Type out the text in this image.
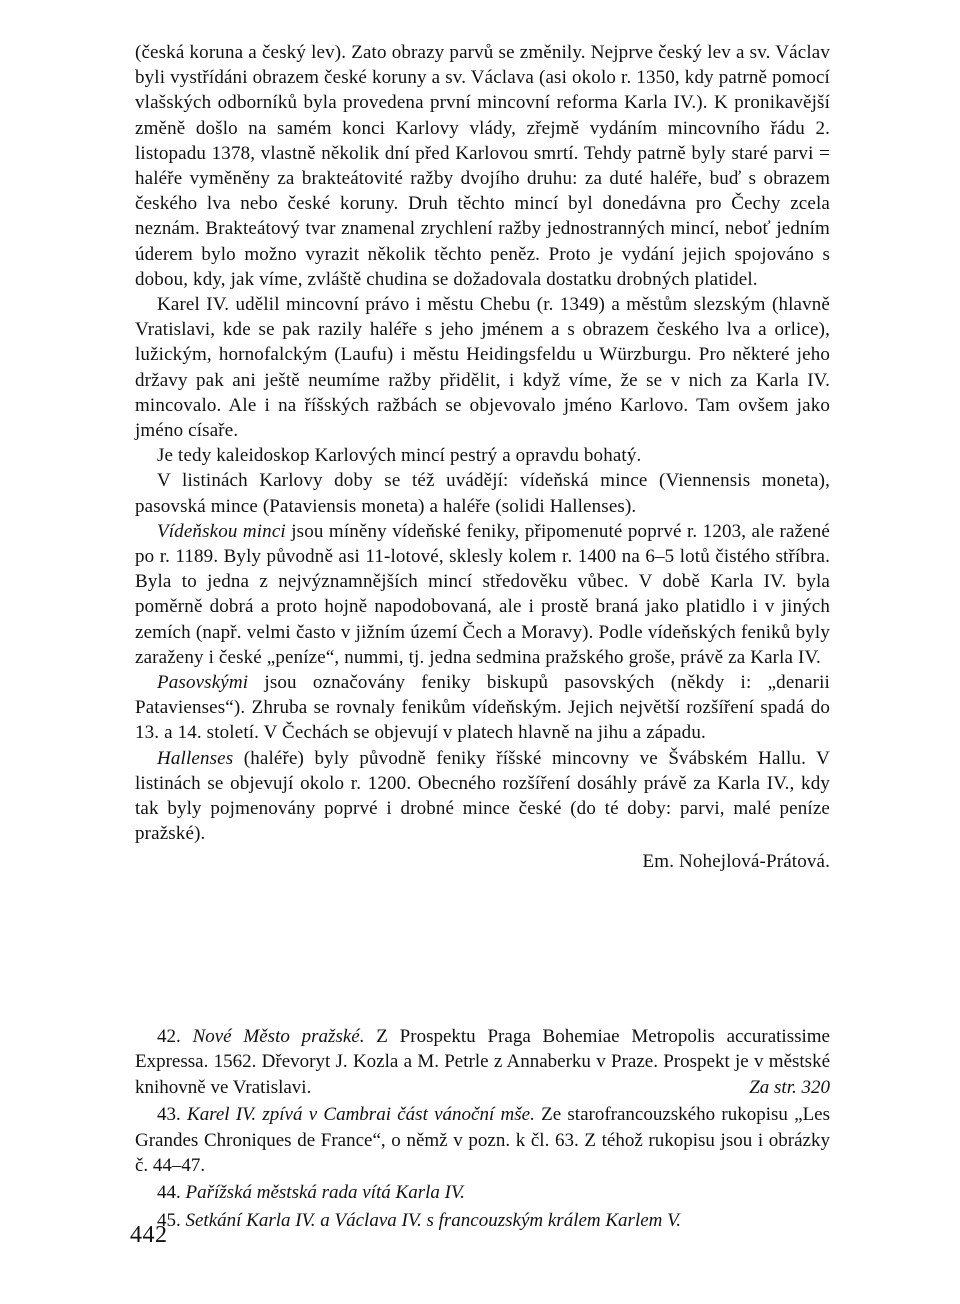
(česká koruna a český lev). Zato obrazy parvů se změnily. Nejprve český lev a sv. Václav byli vystřídáni obrazem české koruny a sv. Václava (asi okolo r. 1350, kdy patrně pomocí vlašských odborníků byla provedena první mincovní reforma Karla IV.). K pronikavější změně došlo na samém konci Karlovy vlády, zřejmě vydáním mincovního řádu 2. listopadu 1378, vlastně několik dní před Karlovou smrtí. Tehdy patrně byly staré parvi = haléře vyměněny za brakteátovité ražby dvojího druhu: za duté haléře, buď s obrazem českého lva nebo české koruny. Druh těchto mincí byl donedávna pro Čechy zcela neznám. Brakteátový tvar znamenal zrychlení ražby jednostranných mincí, neboť jedním úderem bylo možno vyrazit několik těchto peněz. Proto je vydání jejich spojováno s dobou, kdy, jak víme, zvláště chudina se dožadovala dostatku drobných platidel.

Karel IV. udělil mincovní právo i městu Chebu (r. 1349) a městům slezským (hlavně Vratislavi, kde se pak razily haléře s jeho jménem a s obrazem českého lva a orlice), lužickým, hornofalckým (Laufu) i městu Heidingsfeldu u Würzburgu. Pro některé jeho državy pak ani ještě neumíme ražby přidělit, i když víme, že se v nich za Karla IV. mincovalo. Ale i na říšských ražbách se objevovalo jméno Karlovo. Tam ovšem jako jméno císaře.

Je tedy kaleidoskop Karlových mincí pestrý a opravdu bohatý.

V listinách Karlovy doby se též uvádějí: vídeňská mince (Viennensis moneta), pasovská mince (Pataviensis moneta) a haléře (solidi Hallenses).

Vídeňskou minci jsou míněny vídeňské feniky, připomenuté poprvé r. 1203, ale ražené po r. 1189. Byly původně asi 11-lotové, sklesly kolem r. 1400 na 6–5 lotů čistého stříbra. Byla to jedna z nejvýznamnějších mincí středověku vůbec. V době Karla IV. byla poměrně dobrá a proto hojně napodobovaná, ale i prostě braná jako platidlo i v jiných zemích (např. velmi často v jižním území Čech a Moravy). Podle vídeňských feniků byly zaraženy i české „peníze“, nummi, tj. jedna sedmina pražského groše, právě za Karla IV.

Pasovskými jsou označovány feniky biskupů pasovských (někdy i: „denarii Patavienses“). Zhruba se rovnaly fenikům vídeňským. Jejich největší rozšíření spadá do 13. a 14. století. V Čechách se objevují v platech hlavně na jihu a západu.

Hallenses (haléře) byly původně feniky říšské mincovny ve Švábském Hallu. V listinách se objevují okolo r. 1200. Obecného rozšíření dosáhly právě za Karla IV., kdy tak byly pojmenovány poprvé i drobné mince české (do té doby: parvi, malé peníze pražské).

Em. Nohejlová-Prátová.

42. Nové Město pražské. Z Prospektu Praga Bohemiae Metropolis accuratissime Expressa. 1562. Dřevoryt J. Kozla a M. Petrle z Annaberku v Praze. Prospekt je v městské knihovně ve Vratislavi.	Za str. 320

43. Karel IV. zpívá v Cambrai část vánoční mše. Ze starofrancouzského rukopisu „Les Grandes Chroniques de France“, o němž v pozn. k čl. 63. Z téhož rukopisu jsou i obrázky č. 44–47.

44. Pařížská městská rada vítá Karla IV.

45. Setkání Karla IV. a Václava IV. s francouzským králem Karlem V.

442
